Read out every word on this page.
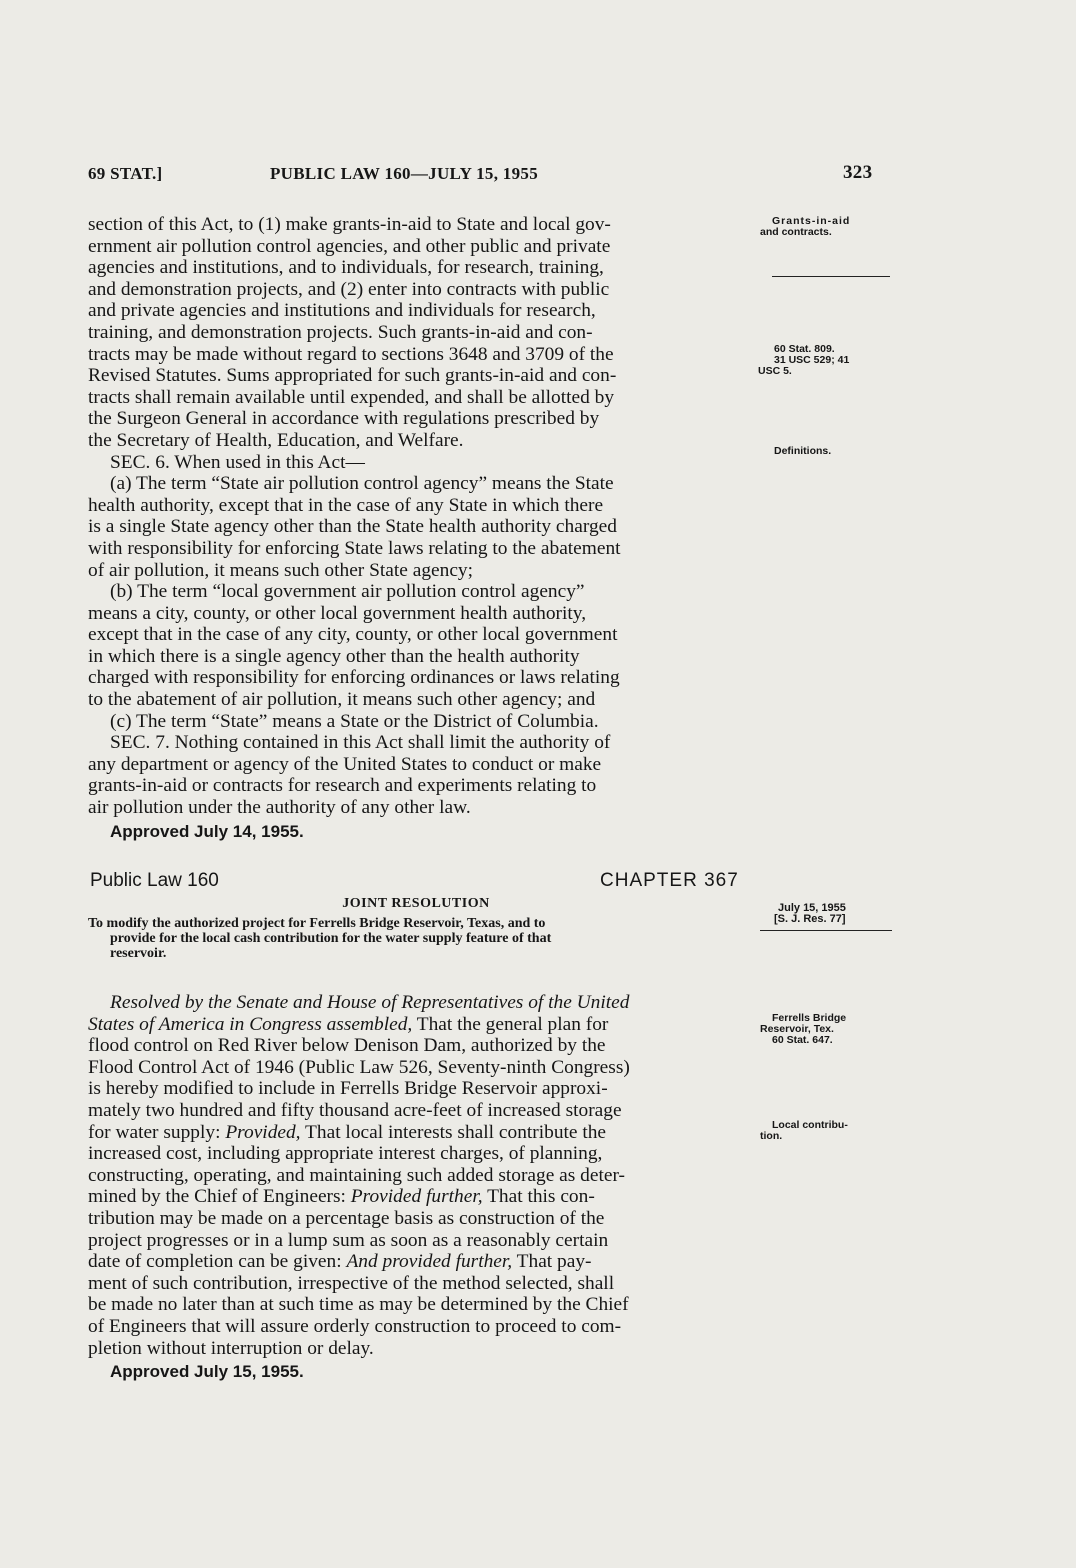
69 STAT.]	PUBLIC LAW 160—JULY 15, 1955	323

section of this Act, to (1) make grants-in-aid to State and local gov-

ernment air pollution control agencies, and other public and private

agencies and institutions, and to individuals, for research, training,

and demonstration projects, and (2) enter into contracts with public

and private agencies and institutions and individuals for research,

training, and demonstration projects. Such grants-in-aid and con-

tracts may be made without regard to sections 3648 and 3709 of the

Revised Statutes. Sums appropriated for such grants-in-aid and con-

tracts shall remain available until expended, and shall be allotted by

the Surgeon General in accordance with regulations prescribed by

the Secretary of Health, Education, and Welfare.

SEC. 6. When used in this Act—

(a) The term “State air pollution control agency” means the State

health authority, except that in the case of any State in which there

is a single State agency other than the State health authority charged

with responsibility for enforcing State laws relating to the abatement

of air pollution, it means such other State agency;

(b) The term “local government air pollution control agency”

means a city, county, or other local government health authority,

except that in the case of any city, county, or other local government

in which there is a single agency other than the health authority

charged with responsibility for enforcing ordinances or laws relating

to the abatement of air pollution, it means such other agency; and

(c) The term “State” means a State or the District of Columbia.

SEC. 7. Nothing contained in this Act shall limit the authority of

any department or agency of the United States to conduct or make

grants-in-aid or contracts for research and experiments relating to

air pollution under the authority of any other law.

Approved July 14, 1955.

Public Law 160	CHAPTER 367
JOINT RESOLUTION
To modify the authorized project for Ferrells Bridge Reservoir, Texas, and to
provide for the local cash contribution for the water supply feature of that
reservoir.

Resolved by the Senate and House of Representatives of the United

States of America in Congress assembled, That the general plan for

flood control on Red River below Denison Dam, authorized by the

Flood Control Act of 1946 (Public Law 526, Seventy-ninth Congress)

is hereby modified to include in Ferrells Bridge Reservoir approxi-

mately two hundred and fifty thousand acre-feet of increased storage

for water supply: Provided, That local interests shall contribute the

increased cost, including appropriate interest charges, of planning,

constructing, operating, and maintaining such added storage as deter-

mined by the Chief of Engineers: Provided further, That this con-

tribution may be made on a percentage basis as construction of the

project progresses or in a lump sum as soon as a reasonably certain

date of completion can be given: And provided further, That pay-

ment of such contribution, irrespective of the method selected, shall

be made no later than at such time as may be determined by the Chief

of Engineers that will assure orderly construction to proceed to com-

pletion without interruption or delay.

Approved July 15, 1955.

Grants-in-aid
and contracts.
60 Stat. 809.
31 USC 529; 41
USC 5.
Definitions.
July 15, 1955
[S. J. Res. 77]
Ferrells Bridge
Reservoir, Tex.
60 Stat. 647.
Local contribu-
tion.
